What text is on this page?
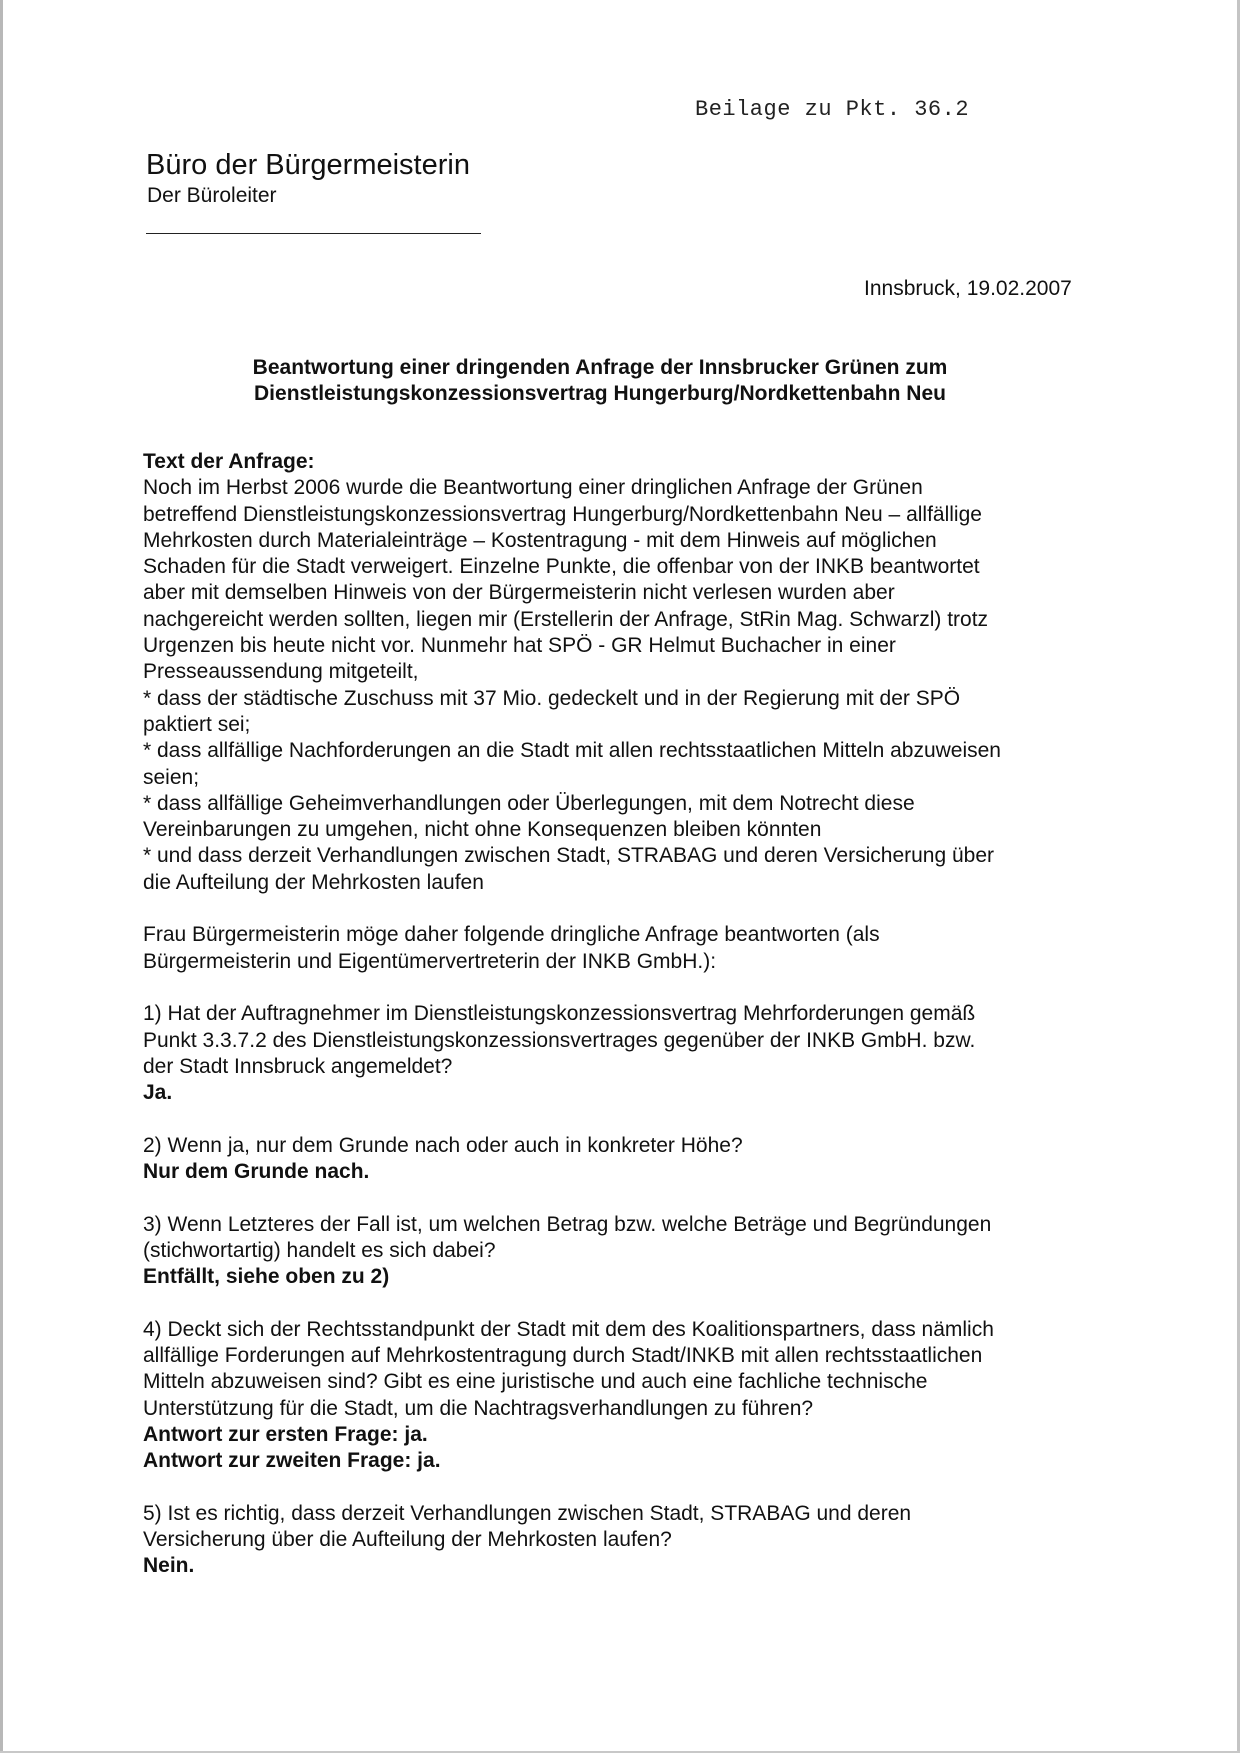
Beilage zu Pkt. 36.2
Büro der Bürgermeisterin
Der Büroleiter
Innsbruck, 19.02.2007
Beantwortung einer dringenden Anfrage der Innsbrucker Grünen zum
Dienstleistungskonzessionsvertrag Hungerburg/Nordkettenbahn Neu
Text der Anfrage:
Noch im Herbst 2006 wurde die Beantwortung einer dringlichen Anfrage der Grünen
betreffend Dienstleistungskonzessionsvertrag Hungerburg/Nordkettenbahn Neu – allfällige
Mehrkosten durch Materialeinträge – Kostentragung - mit dem Hinweis auf möglichen
Schaden für die Stadt verweigert. Einzelne Punkte, die offenbar von der INKB beantwortet
aber mit demselben Hinweis von der Bürgermeisterin nicht verlesen wurden aber
nachgereicht werden sollten, liegen mir (Erstellerin der Anfrage, StRin Mag. Schwarzl) trotz
Urgenzen bis heute nicht vor. Nunmehr hat SPÖ - GR Helmut Buchacher in einer
Presseaussendung mitgeteilt,
* dass der städtische Zuschuss mit 37 Mio. gedeckelt und in der Regierung mit der SPÖ
paktiert sei;
* dass allfällige Nachforderungen an die Stadt mit allen rechtsstaatlichen Mitteln abzuweisen
seien;
* dass allfällige Geheimverhandlungen oder Überlegungen, mit dem Notrecht diese
Vereinbarungen zu umgehen, nicht ohne Konsequenzen bleiben könnten
* und dass derzeit Verhandlungen zwischen Stadt, STRABAG und deren Versicherung über
die Aufteilung der Mehrkosten laufen
Frau Bürgermeisterin möge daher folgende dringliche Anfrage beantworten (als
Bürgermeisterin und Eigentümervertreterin der INKB GmbH.):
1) Hat der Auftragnehmer im Dienstleistungskonzessionsvertrag Mehrforderungen gemäß
Punkt 3.3.7.2 des Dienstleistungskonzessionsvertrages gegenüber der INKB GmbH. bzw.
der Stadt Innsbruck angemeldet?
Ja.
2) Wenn ja, nur dem Grunde nach oder auch in konkreter Höhe?
Nur dem Grunde nach.
3) Wenn Letzteres der Fall ist, um welchen Betrag bzw. welche Beträge und Begründungen
(stichwortartig) handelt es sich dabei?
Entfällt, siehe oben zu 2)
4) Deckt sich der Rechtsstandpunkt der Stadt mit dem des Koalitionspartners, dass nämlich
allfällige Forderungen auf Mehrkostentragung durch Stadt/INKB mit allen rechtsstaatlichen
Mitteln abzuweisen sind? Gibt es eine juristische und auch eine fachliche technische
Unterstützung für die Stadt, um die Nachtragsverhandlungen zu führen?
Antwort zur ersten Frage: ja.
Antwort zur zweiten Frage: ja.
5) Ist es richtig, dass derzeit Verhandlungen zwischen Stadt, STRABAG und deren
Versicherung über die Aufteilung der Mehrkosten laufen?
Nein.
